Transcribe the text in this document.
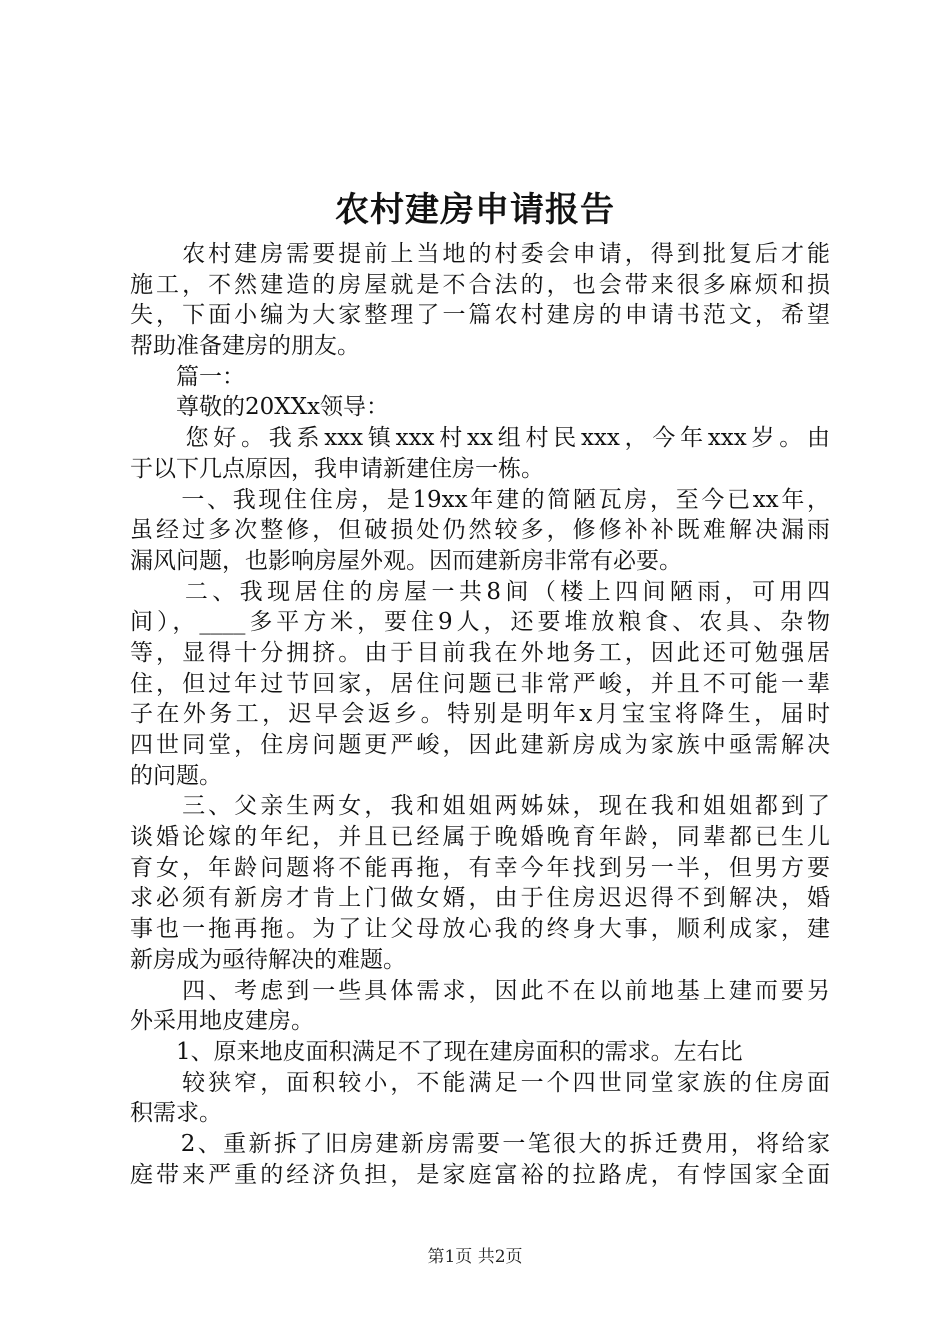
农村建房申请报告
　　农村建房需要提前上当地的村委会申请，得到批复后才能
施工，不然建造的房屋就是不合法的，也会带来很多麻烦和损
失，下面小编为大家整理了一篇农村建房的申请书范文，希望
帮助准备建房的朋友。
　　篇一：
　　尊敬的20XXx领导：
　　您好。我系xxx镇xxx村xx组村民xxx，今年xxx岁。由
于以下几点原因，我申请新建住房一栋。
　　一、我现住住房，是19xx年建的简陋瓦房，至今已xx年，
虽经过多次整修，但破损处仍然较多，修修补补既难解决漏雨
漏风问题，也影响房屋外观。因而建新房非常有必要。
　　二、我现居住的房屋一共8间（楼上四间陋雨，可用四
间），____多平方米，要住9人，还要堆放粮食、农具、杂物
等，显得十分拥挤。由于目前我在外地务工，因此还可勉强居
住，但过年过节回家，居住问题已非常严峻，并且不可能一辈
子在外务工，迟早会返乡。特别是明年x月宝宝将降生，届时
四世同堂，住房问题更严峻，因此建新房成为家族中亟需解决
的问题。
　　三、父亲生两女，我和姐姐两姊妹，现在我和姐姐都到了
谈婚论嫁的年纪，并且已经属于晚婚晚育年龄，同辈都已生儿
育女，年龄问题将不能再拖，有幸今年找到另一半，但男方要
求必须有新房才肯上门做女婿，由于住房迟迟得不到解决，婚
事也一拖再拖。为了让父母放心我的终身大事，顺利成家，建
新房成为亟待解决的难题。
　　四、考虑到一些具体需求，因此不在以前地基上建而要另
外采用地皮建房。
　　1、原来地皮面积满足不了现在建房面积的需求。左右比
　　较狭窄，面积较小，不能满足一个四世同堂家族的住房面
积需求。
　　2、重新拆了旧房建新房需要一笔很大的拆迁费用，将给家
庭带来严重的经济负担，是家庭富裕的拉路虎，有悖国家全面
第1页 共2页
